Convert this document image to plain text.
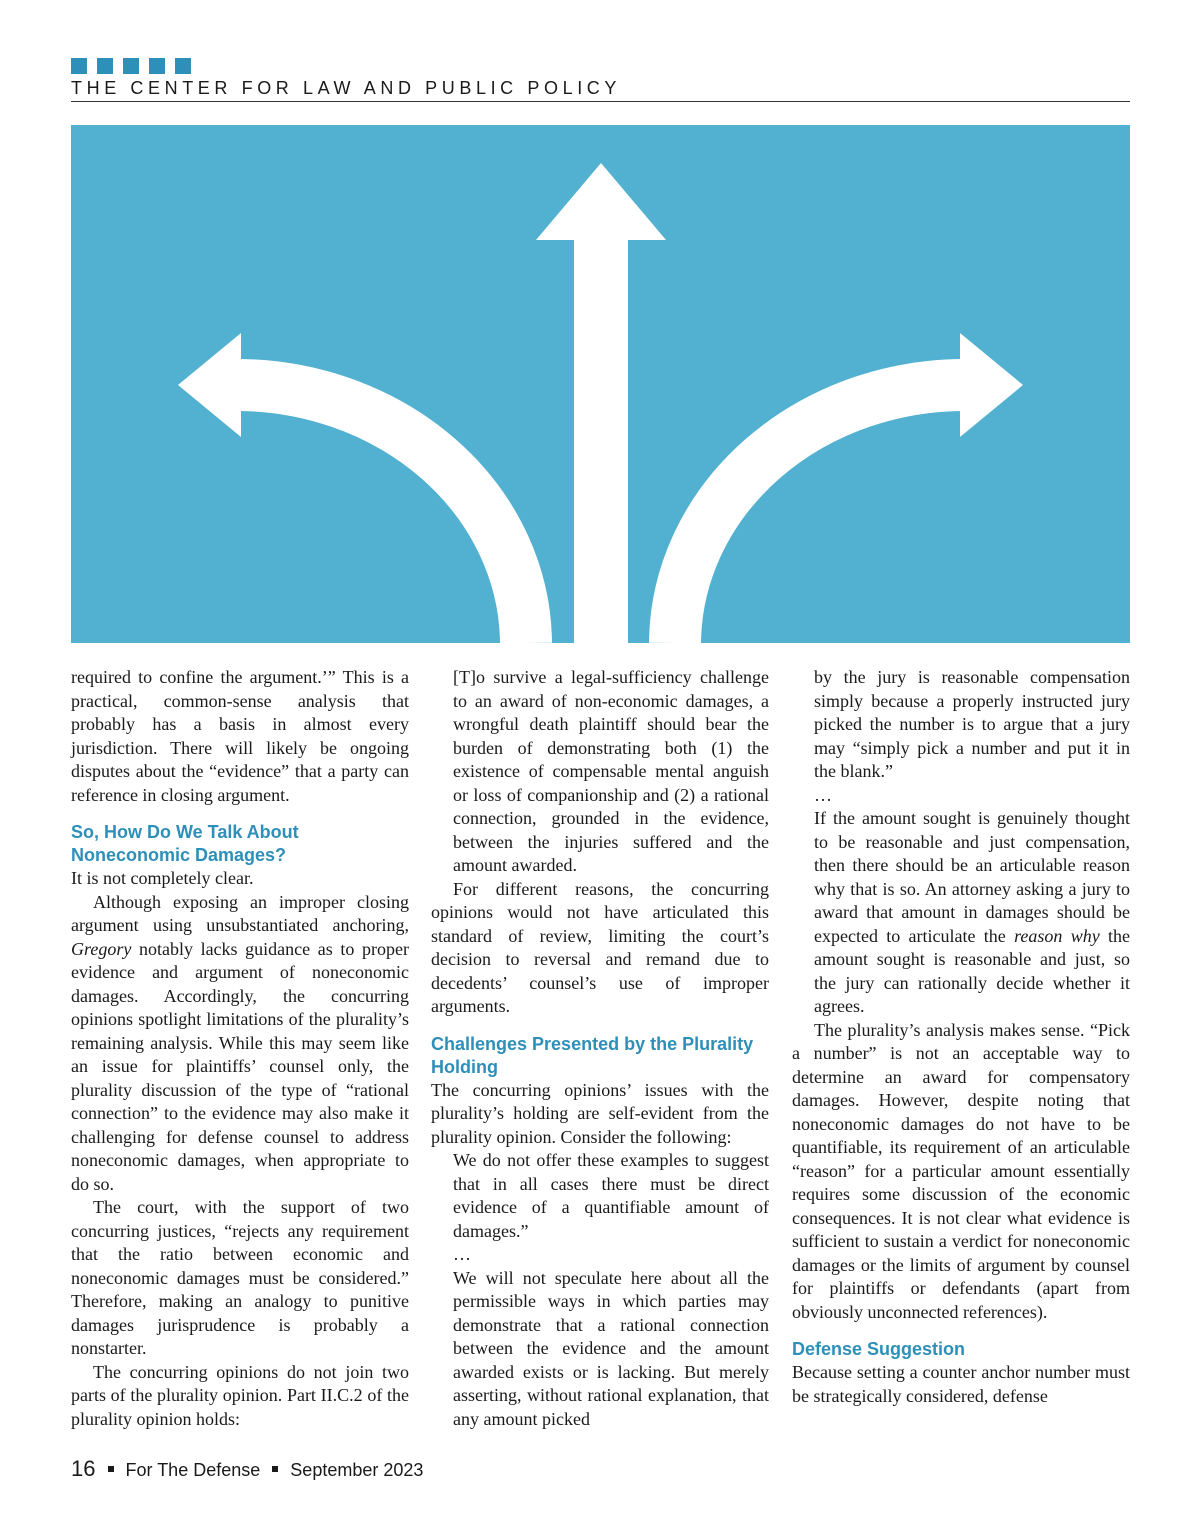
THE CENTER FOR LAW AND PUBLIC POLICY

required to confine the argument.’” This is a practical, common-sense analysis that probably has a basis in almost every jurisdiction. There will likely be ongoing disputes about the “evidence” that a party can reference in closing argument.

So, How Do We Talk About Noneconomic Damages?

It is not completely clear.

Although exposing an improper closing argument using unsubstantiated anchoring, Gregory notably lacks guidance as to proper evidence and argument of noneconomic damages. Accordingly, the concurring opinions spotlight limitations of the plurality’s remaining analysis. While this may seem like an issue for plaintiffs’ counsel only, the plurality discussion of the type of “rational connection” to the evidence may also make it challenging for defense counsel to address noneconomic damages, when appropriate to do so.

The court, with the support of two concurring justices, “rejects any requirement that the ratio between economic and noneconomic damages must be considered.” Therefore, making an analogy to punitive damages jurisprudence is probably a nonstarter.

The concurring opinions do not join two parts of the plurality opinion. Part II.C.2 of the plurality opinion holds:

[T]o survive a legal-sufficiency challenge to an award of non-economic damages, a wrongful death plaintiff should bear the burden of demonstrating both (1) the existence of compensable mental anguish or loss of companionship and (2) a rational connection, grounded in the evidence, between the injuries suffered and the amount awarded.

For different reasons, the concurring opinions would not have articulated this standard of review, limiting the court’s decision to reversal and remand due to decedents’ counsel’s use of improper arguments.

Challenges Presented by the Plurality Holding

The concurring opinions’ issues with the plurality’s holding are self-evident from the plurality opinion. Consider the following:

We do not offer these examples to suggest that in all cases there must be direct evidence of a quantifiable amount of damages.”

…

We will not speculate here about all the permissible ways in which parties may demonstrate that a rational connection between the evidence and the amount awarded exists or is lacking. But merely asserting, without rational explanation, that any amount picked

by the jury is reasonable compensation simply because a properly instructed jury picked the number is to argue that a jury may “simply pick a number and put it in the blank.”

…

If the amount sought is genuinely thought to be reasonable and just compensation, then there should be an articulable reason why that is so. An attorney asking a jury to award that amount in damages should be expected to articulate the reason why the amount sought is reasonable and just, so the jury can rationally decide whether it agrees.

The plurality’s analysis makes sense. “Pick a number” is not an acceptable way to determine an award for compensatory damages. However, despite noting that noneconomic damages do not have to be quantifiable, its requirement of an articulable “reason” for a particular amount essentially requires some discussion of the economic consequences. It is not clear what evidence is sufficient to sustain a verdict for noneconomic damages or the limits of argument by counsel for plaintiffs or defendants (apart from obviously unconnected references).

Defense Suggestion

Because setting a counter anchor number must be strategically considered, defense

16 For The Defense September 2023
